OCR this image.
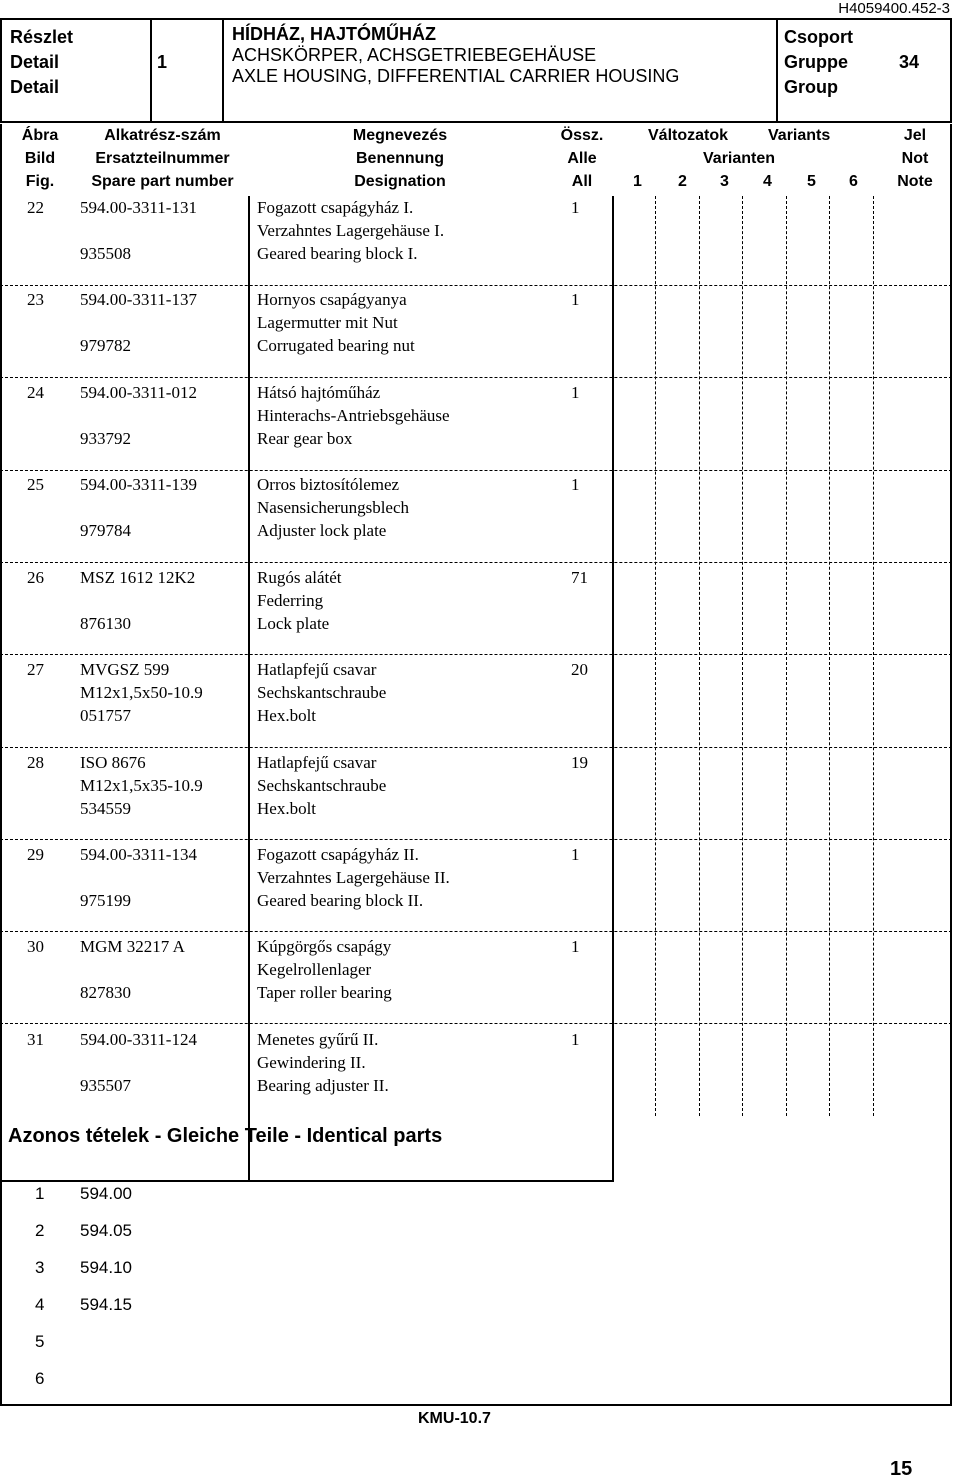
H4059400.452-3
Részlet
Detail
Detail
1
HÍDHÁZ, HAJTÓMŰHÁZ
ACHSKÖRPER, ACHSGETRIEBEGEHÄUSE
AXLE HOUSING, DIFFERENTIAL CARRIER HOUSING
Csoport
Gruppe
Group
34
Ábra
Bild
Fig.
Alkatrész-szám
Ersatzteilnummer
Spare part number
Megnevezés
Benennung
Designation
Össz.
Alle
All
Változatok Variants
Varianten
1 2 3 4 5 6
Jel
Not
Note
22 594.00-3311-131

935508
Fogazott csapágyház I.
Verzahntes Lagergehäuse I.
Geared bearing block I.
1
23 594.00-3311-137

979782
Hornyos csapágyanya
Lagermutter mit Nut
Corrugated bearing nut
1
24 594.00-3311-012

933792
Hátsó hajtóműház
Hinterachs-Antriebsgehäuse
Rear gear box
1
25 594.00-3311-139

979784
Orros biztosítólemez
Nasensicherungsblech
Adjuster lock plate
1
26 MSZ 1612 12K2

876130
Rugós alátét
Federring
Lock plate
71
27 MVGSZ 599
M12x1,5x50-10.9
051757
Hatlapfejű csavar
Sechskantschraube
Hex.bolt
20
28 ISO 8676
M12x1,5x35-10.9
534559
Hatlapfejű csavar
Sechskantschraube
Hex.bolt
19
29 594.00-3311-134

975199
Fogazott csapágyház II.
Verzahntes Lagergehäuse II.
Geared bearing block II.
1
30 MGM 32217 A

827830
Kúpgörgős csapágy
Kegelrollenlager
Taper roller bearing
1
31 594.00-3311-124

935507
Menetes gyűrű II.
Gewindering II.
Bearing adjuster II.
1
Azonos tételek - Gleiche Teile - Identical parts
1 594.00
2 594.05
3 594.10
4 594.15
5
6
KMU-10.7
15
